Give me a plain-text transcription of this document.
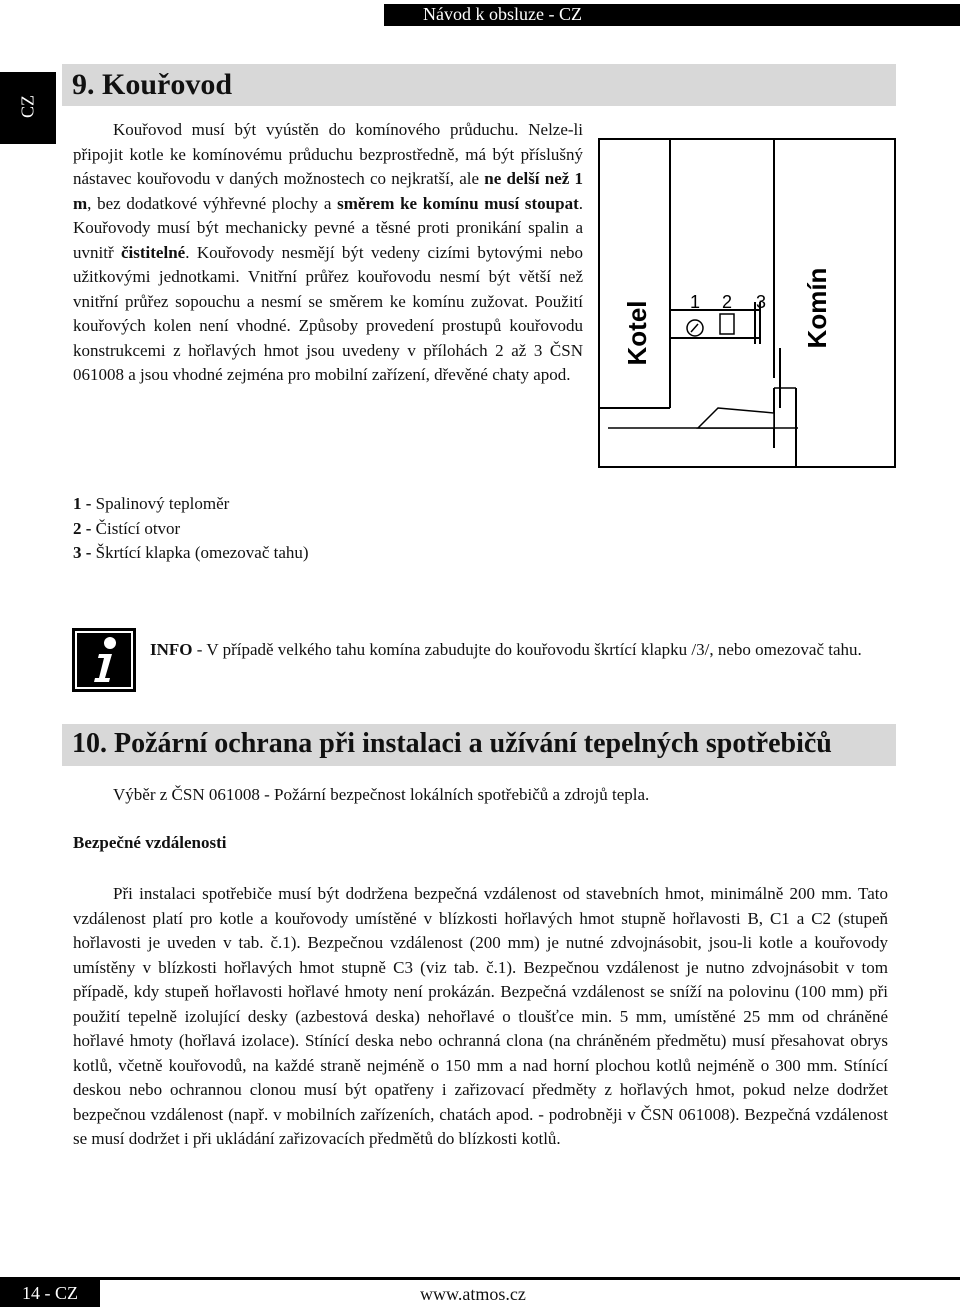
Návod k obsluze - CZ
CZ
9. Kouřovod
Kouřovod musí být vyústěn do komínového průduchu. Nelze-li připojit kotle ke komínovému průduchu bezprostředně, má být příslušný nástavec kouřovodu v daných možnostech co nejkratší, ale ne delší než 1 m, bez dodatkové výhřevné plochy a směrem ke komínu musí stoupat. Kouřovody musí být mechanicky pevné a těsné proti pronikání spalin a uvnitř čistitelné. Kouřovody nesmějí být vedeny cizími bytovými nebo užitkovými jednotkami. Vnitřní průřez kouřovodu nesmí být větší než vnitřní průřez sopouchu a nesmí se směrem ke komínu zužovat. Použití kouřových kolen není vhodné. Způsoby provedení prostupů kouřovodu konstrukcemi z hořlavých hmot jsou uvedeny v přílohách 2 až 3 ČSN 061008 a jsou vhodné zejména pro mobilní zařízení, dřevěné chaty apod.
Kotel	Komín
1 2 3
1 - Spalinový teploměr
2 - Čistící otvor
3 - Škrtící klapka (omezovač tahu)
INFO - V případě velkého tahu komína zabudujte do kouřovodu škrtící klapku /3/, nebo omezovač tahu.
10. Požární ochrana při instalaci a užívání tepelných spotřebičů
Výběr z ČSN 061008 - Požární bezpečnost lokálních spotřebičů a zdrojů tepla.
Bezpečné vzdálenosti
Při instalaci spotřebiče musí být dodržena bezpečná vzdálenost od stavebních hmot, minimálně 200 mm. Tato vzdálenost platí pro kotle a kouřovody umístěné v blízkosti hořlavých hmot stupně hořlavosti B, C1 a C2 (stupeň hořlavosti je uveden v tab. č.1). Bezpečnou vzdálenost (200 mm) je nutné zdvojnásobit, jsou-li kotle a kouřovody umístěny v blízkosti hořlavých hmot stupně C3 (viz tab. č.1). Bezpečnou vzdálenost je nutno zdvojnásobit v tom případě, kdy stupeň hořlavosti hořlavé hmoty není prokázán. Bezpečná vzdálenost se sníží na polovinu (100 mm) při použití tepelně izolující desky (azbestová deska) nehořlavé o tloušťce min. 5 mm, umístěné 25 mm od chráněné hořlavé hmoty (hořlavá izolace). Stínící deska nebo ochranná clona (na chráněném předmětu) musí přesahovat obrys kotlů, včetně kouřovodů, na každé straně nejméně o 150 mm a nad horní plochou kotlů nejméně o 300 mm. Stínící deskou nebo ochrannou clonou musí být opatřeny i zařizovací předměty z hořlavých hmot, pokud nelze dodržet bezpečnou vzdálenost (např. v mobilních zařízeních, chatách apod. - podrobněji v ČSN 061008). Bezpečná vzdálenost se musí dodržet i při ukládání zařizovacích předmětů do blízkosti kotlů.
14 - CZ	www.atmos.cz
